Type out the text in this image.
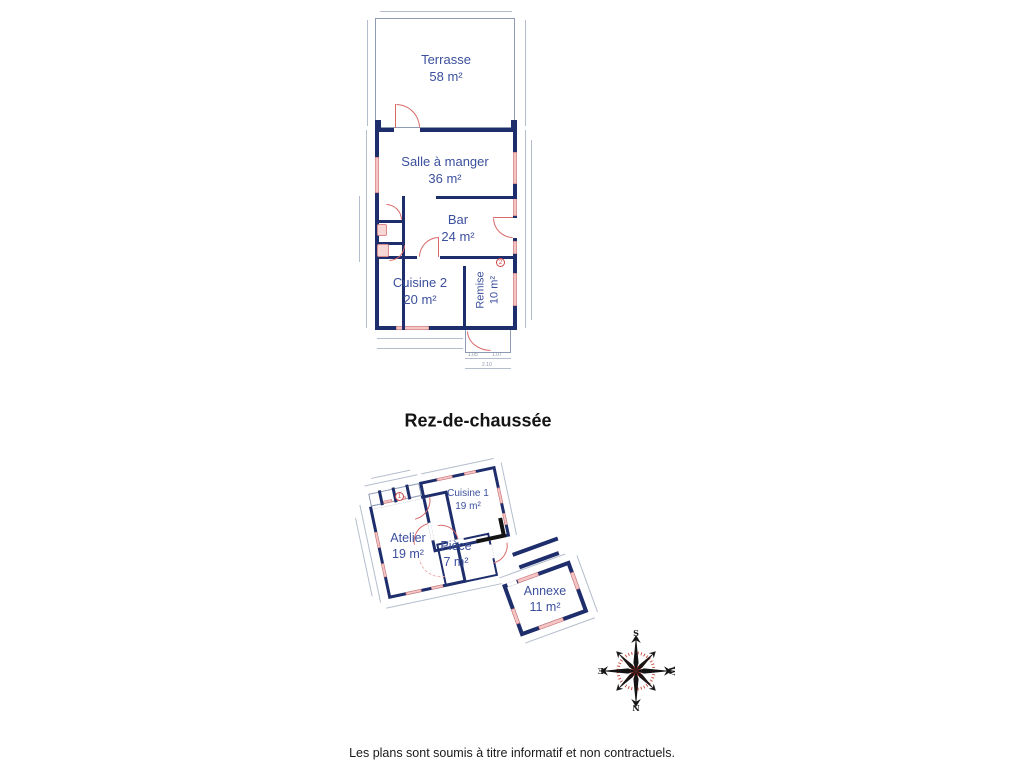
1.05	1.07
2.10
2
Terrasse
58 m²
Salle à manger
36 m²
Bar
24 m²
Cuisine 2
20 m²	Remise 10 m²
Rez-de-chaussée
1	Cuisine 1
19 m²
Atelier
19 m²
Pièce
7 m²
Annexe
11 m²
S
N
E	W
Les plans sont soumis à titre informatif et non contractuels.
